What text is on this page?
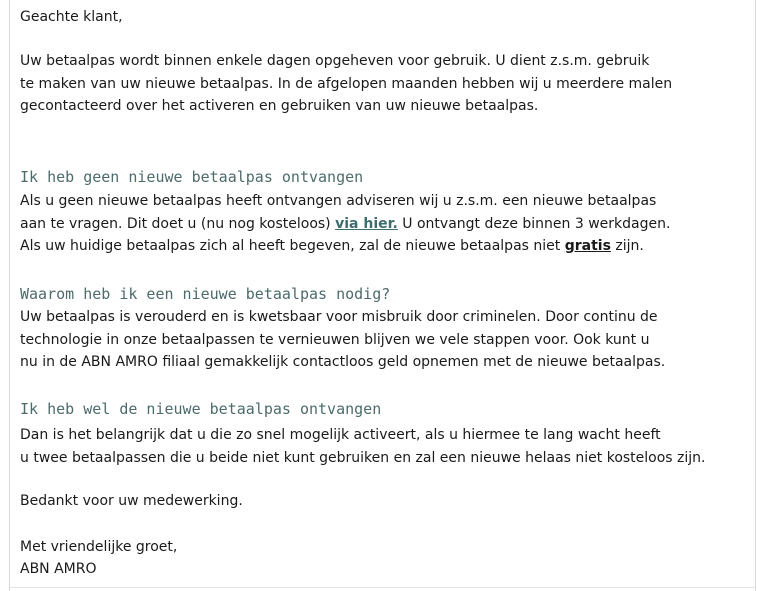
Geachte klant,

Uw betaalpas wordt binnen enkele dagen opgeheven voor gebruik. U dient z.s.m. gebruik
te maken van uw nieuwe betaalpas. In de afgelopen maanden hebben wij u meerdere malen
gecontacteerd over het activeren en gebruiken van uw nieuwe betaalpas.

Ik heb geen nieuwe betaalpas ontvangen

Als u geen nieuwe betaalpas heeft ontvangen adviseren wij u z.s.m. een nieuwe betaalpas
aan te vragen. Dit doet u (nu nog kosteloos) via hier. U ontvangt deze binnen 3 werkdagen.
Als uw huidige betaalpas zich al heeft begeven, zal de nieuwe betaalpas niet gratis zijn.

Waarom heb ik een nieuwe betaalpas nodig?

Uw betaalpas is verouderd en is kwetsbaar voor misbruik door criminelen. Door continu de
technologie in onze betaalpassen te vernieuwen blijven we vele stappen voor. Ook kunt u
nu in de ABN AMRO filiaal gemakkelijk contactloos geld opnemen met de nieuwe betaalpas.

Ik heb wel de nieuwe betaalpas ontvangen

Dan is het belangrijk dat u die zo snel mogelijk activeert, als u hiermee te lang wacht heeft
u twee betaalpassen die u beide niet kunt gebruiken en zal een nieuwe helaas niet kosteloos zijn.

Bedankt voor uw medewerking.

Met vriendelijke groet,

ABN AMRO
